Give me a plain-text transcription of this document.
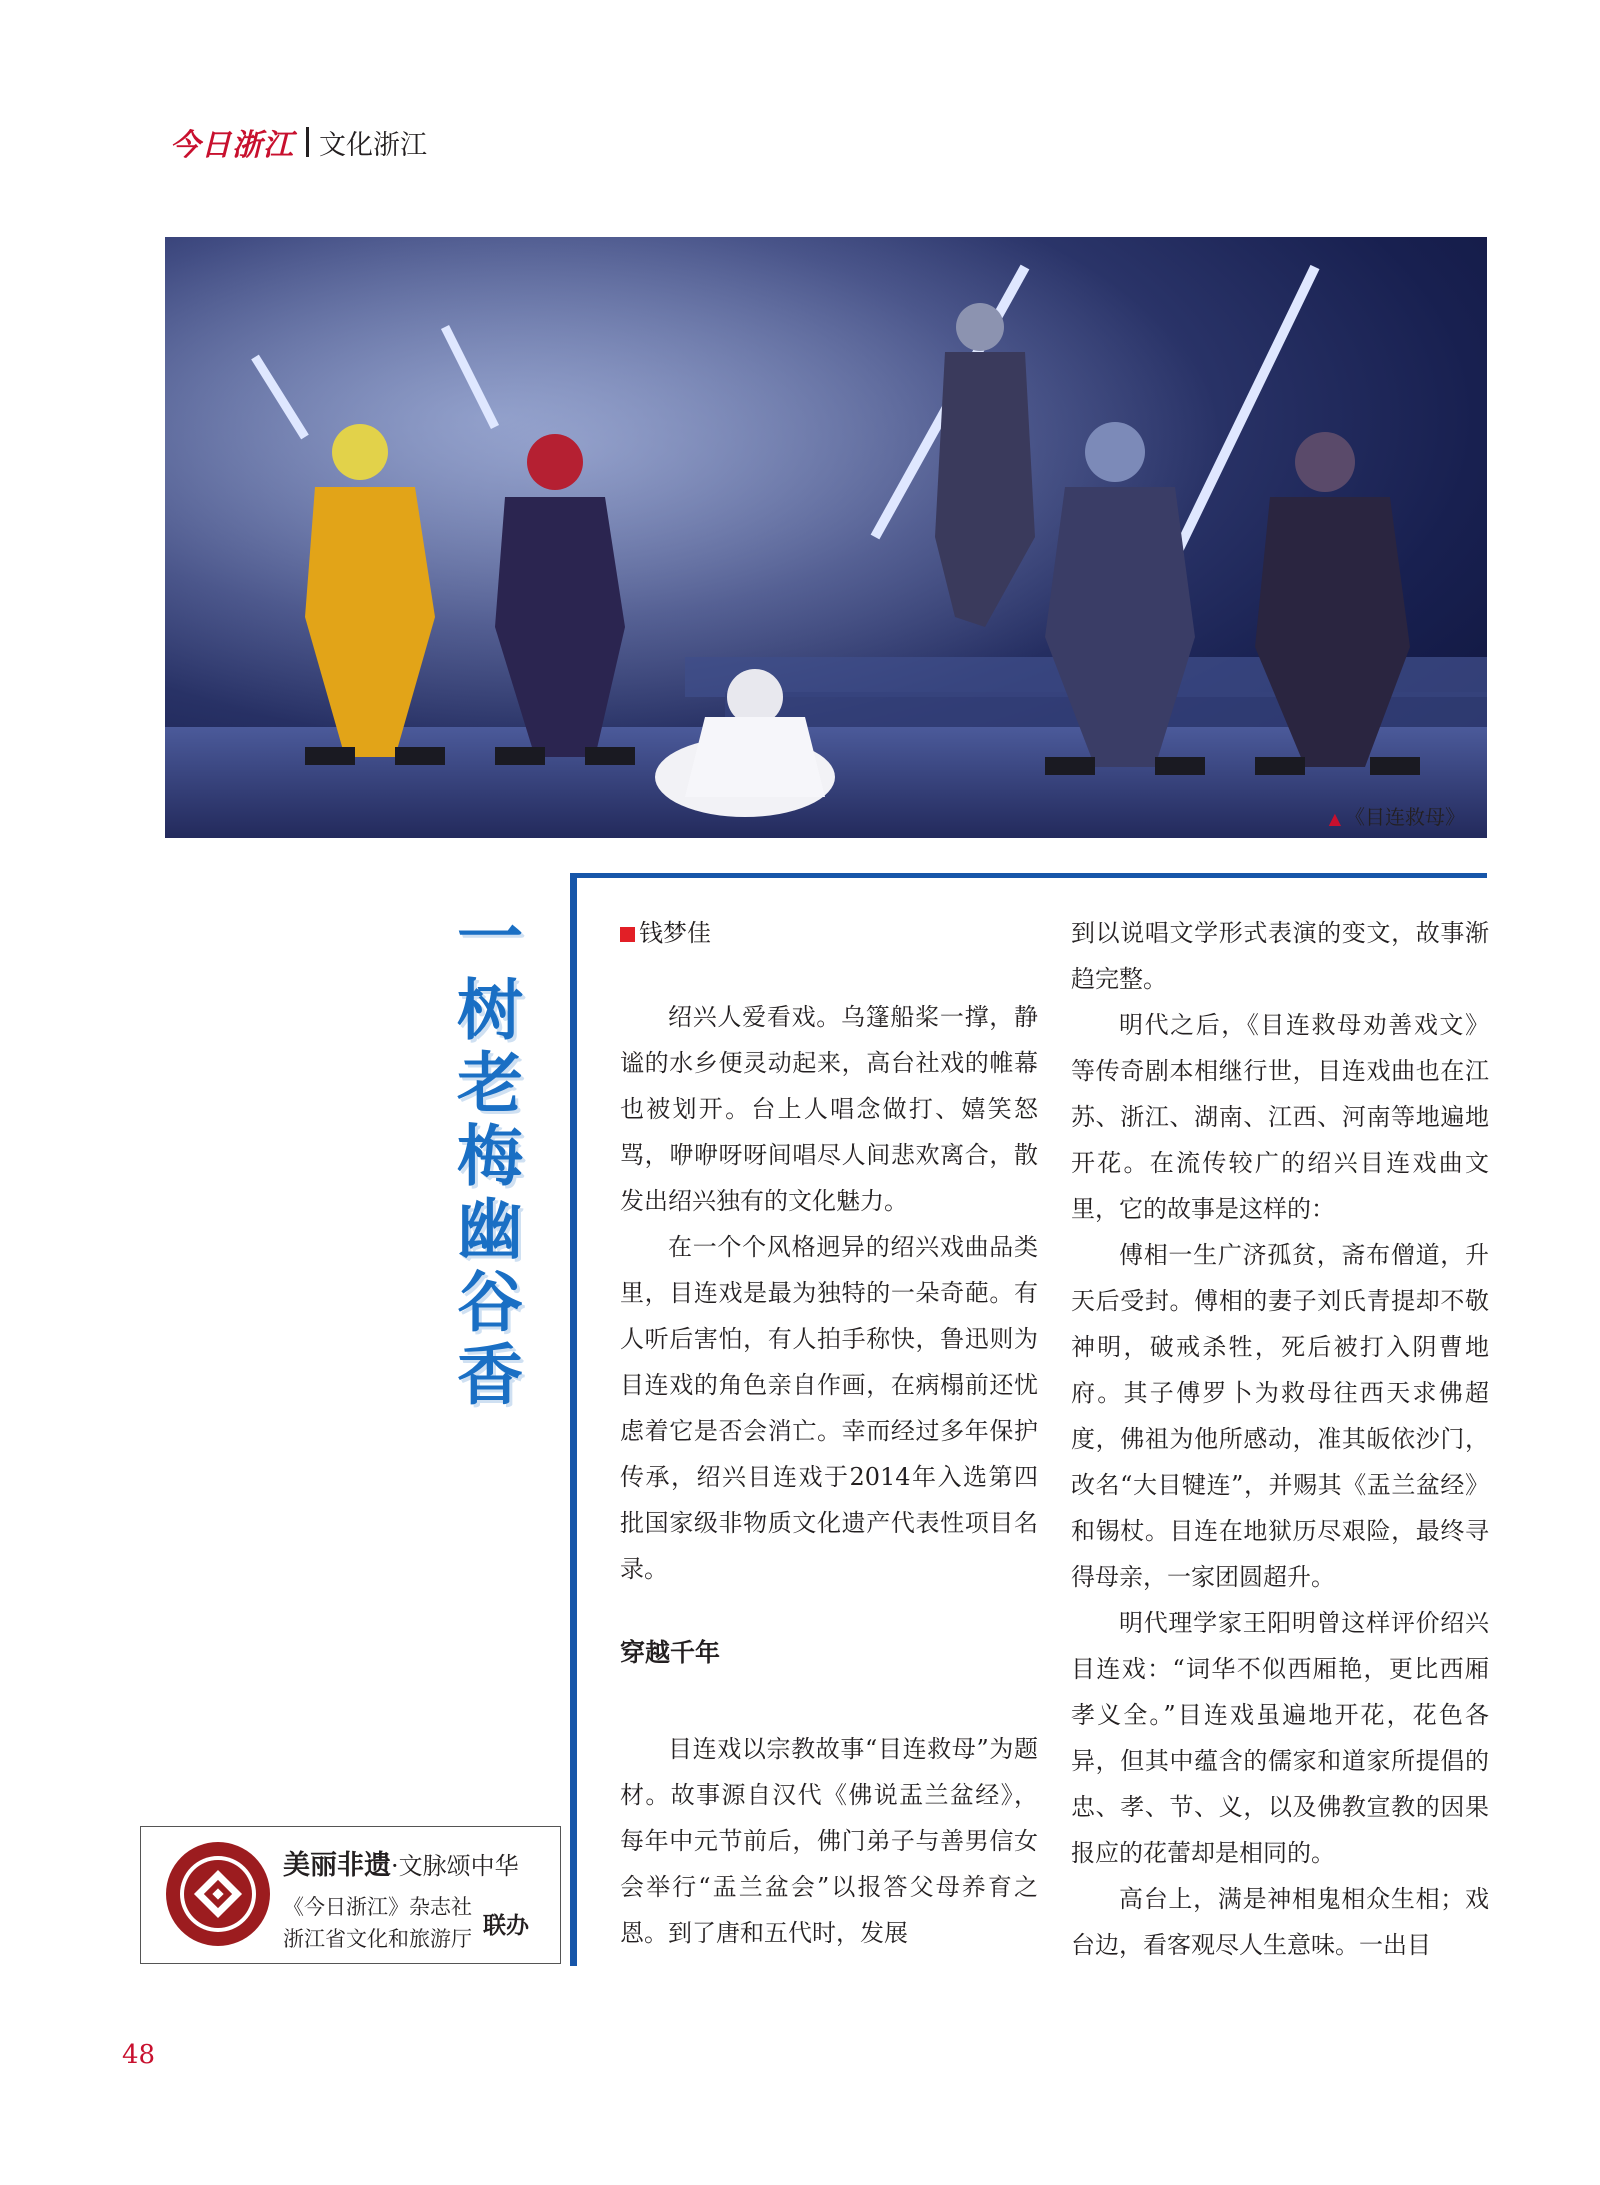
今日浙江 文化浙江
▲ 《目连救母》
一
树
老
梅
幽
谷
香
钱梦佳

绍兴人爱看戏。乌篷船桨一撑，静谧的水乡便灵动起来，高台社戏的帷幕也被划开。台上人唱念做打、嬉笑怒骂，咿咿呀呀间唱尽人间悲欢离合，散发出绍兴独有的文化魅力。

在一个个风格迥异的绍兴戏曲品类里，目连戏是最为独特的一朵奇葩。有人听后害怕，有人拍手称快，鲁迅则为目连戏的角色亲自作画，在病榻前还忧虑着它是否会消亡。幸而经过多年保护传承，绍兴目连戏于2014年入选第四批国家级非物质文化遗产代表性项目名录。

穿越千年

目连戏以宗教故事“目连救母”为题材。故事源自汉代《佛说盂兰盆经》，每年中元节前后，佛门弟子与善男信女会举行“盂兰盆会”以报答父母养育之恩。到了唐和五代时，发展

到以说唱文学形式表演的变文，故事渐趋完整。

明代之后，《目连救母劝善戏文》等传奇剧本相继行世，目连戏曲也在江苏、浙江、湖南、江西、河南等地遍地开花。在流传较广的绍兴目连戏曲文里，它的故事是这样的：

傅相一生广济孤贫，斋布僧道，升天后受封。傅相的妻子刘氏青提却不敬神明，破戒杀牲，死后被打入阴曹地府。其子傅罗卜为救母往西天求佛超度，佛祖为他所感动，准其皈依沙门，改名“大目犍连”，并赐其《盂兰盆经》和锡杖。目连在地狱历尽艰险，最终寻得母亲，一家团圆超升。

明代理学家王阳明曾这样评价绍兴目连戏：“词华不似西厢艳，更比西厢孝义全。”目连戏虽遍地开花，花色各异，但其中蕴含的儒家和道家所提倡的忠、孝、节、义，以及佛教宣教的因果报应的花蕾却是相同的。

高台上，满是神相鬼相众生相；戏台边，看客观尽人生意味。一出目

美丽非遗·文脉颂中华
《今日浙江》杂志社
浙江省文化和旅游厅 联办
48
